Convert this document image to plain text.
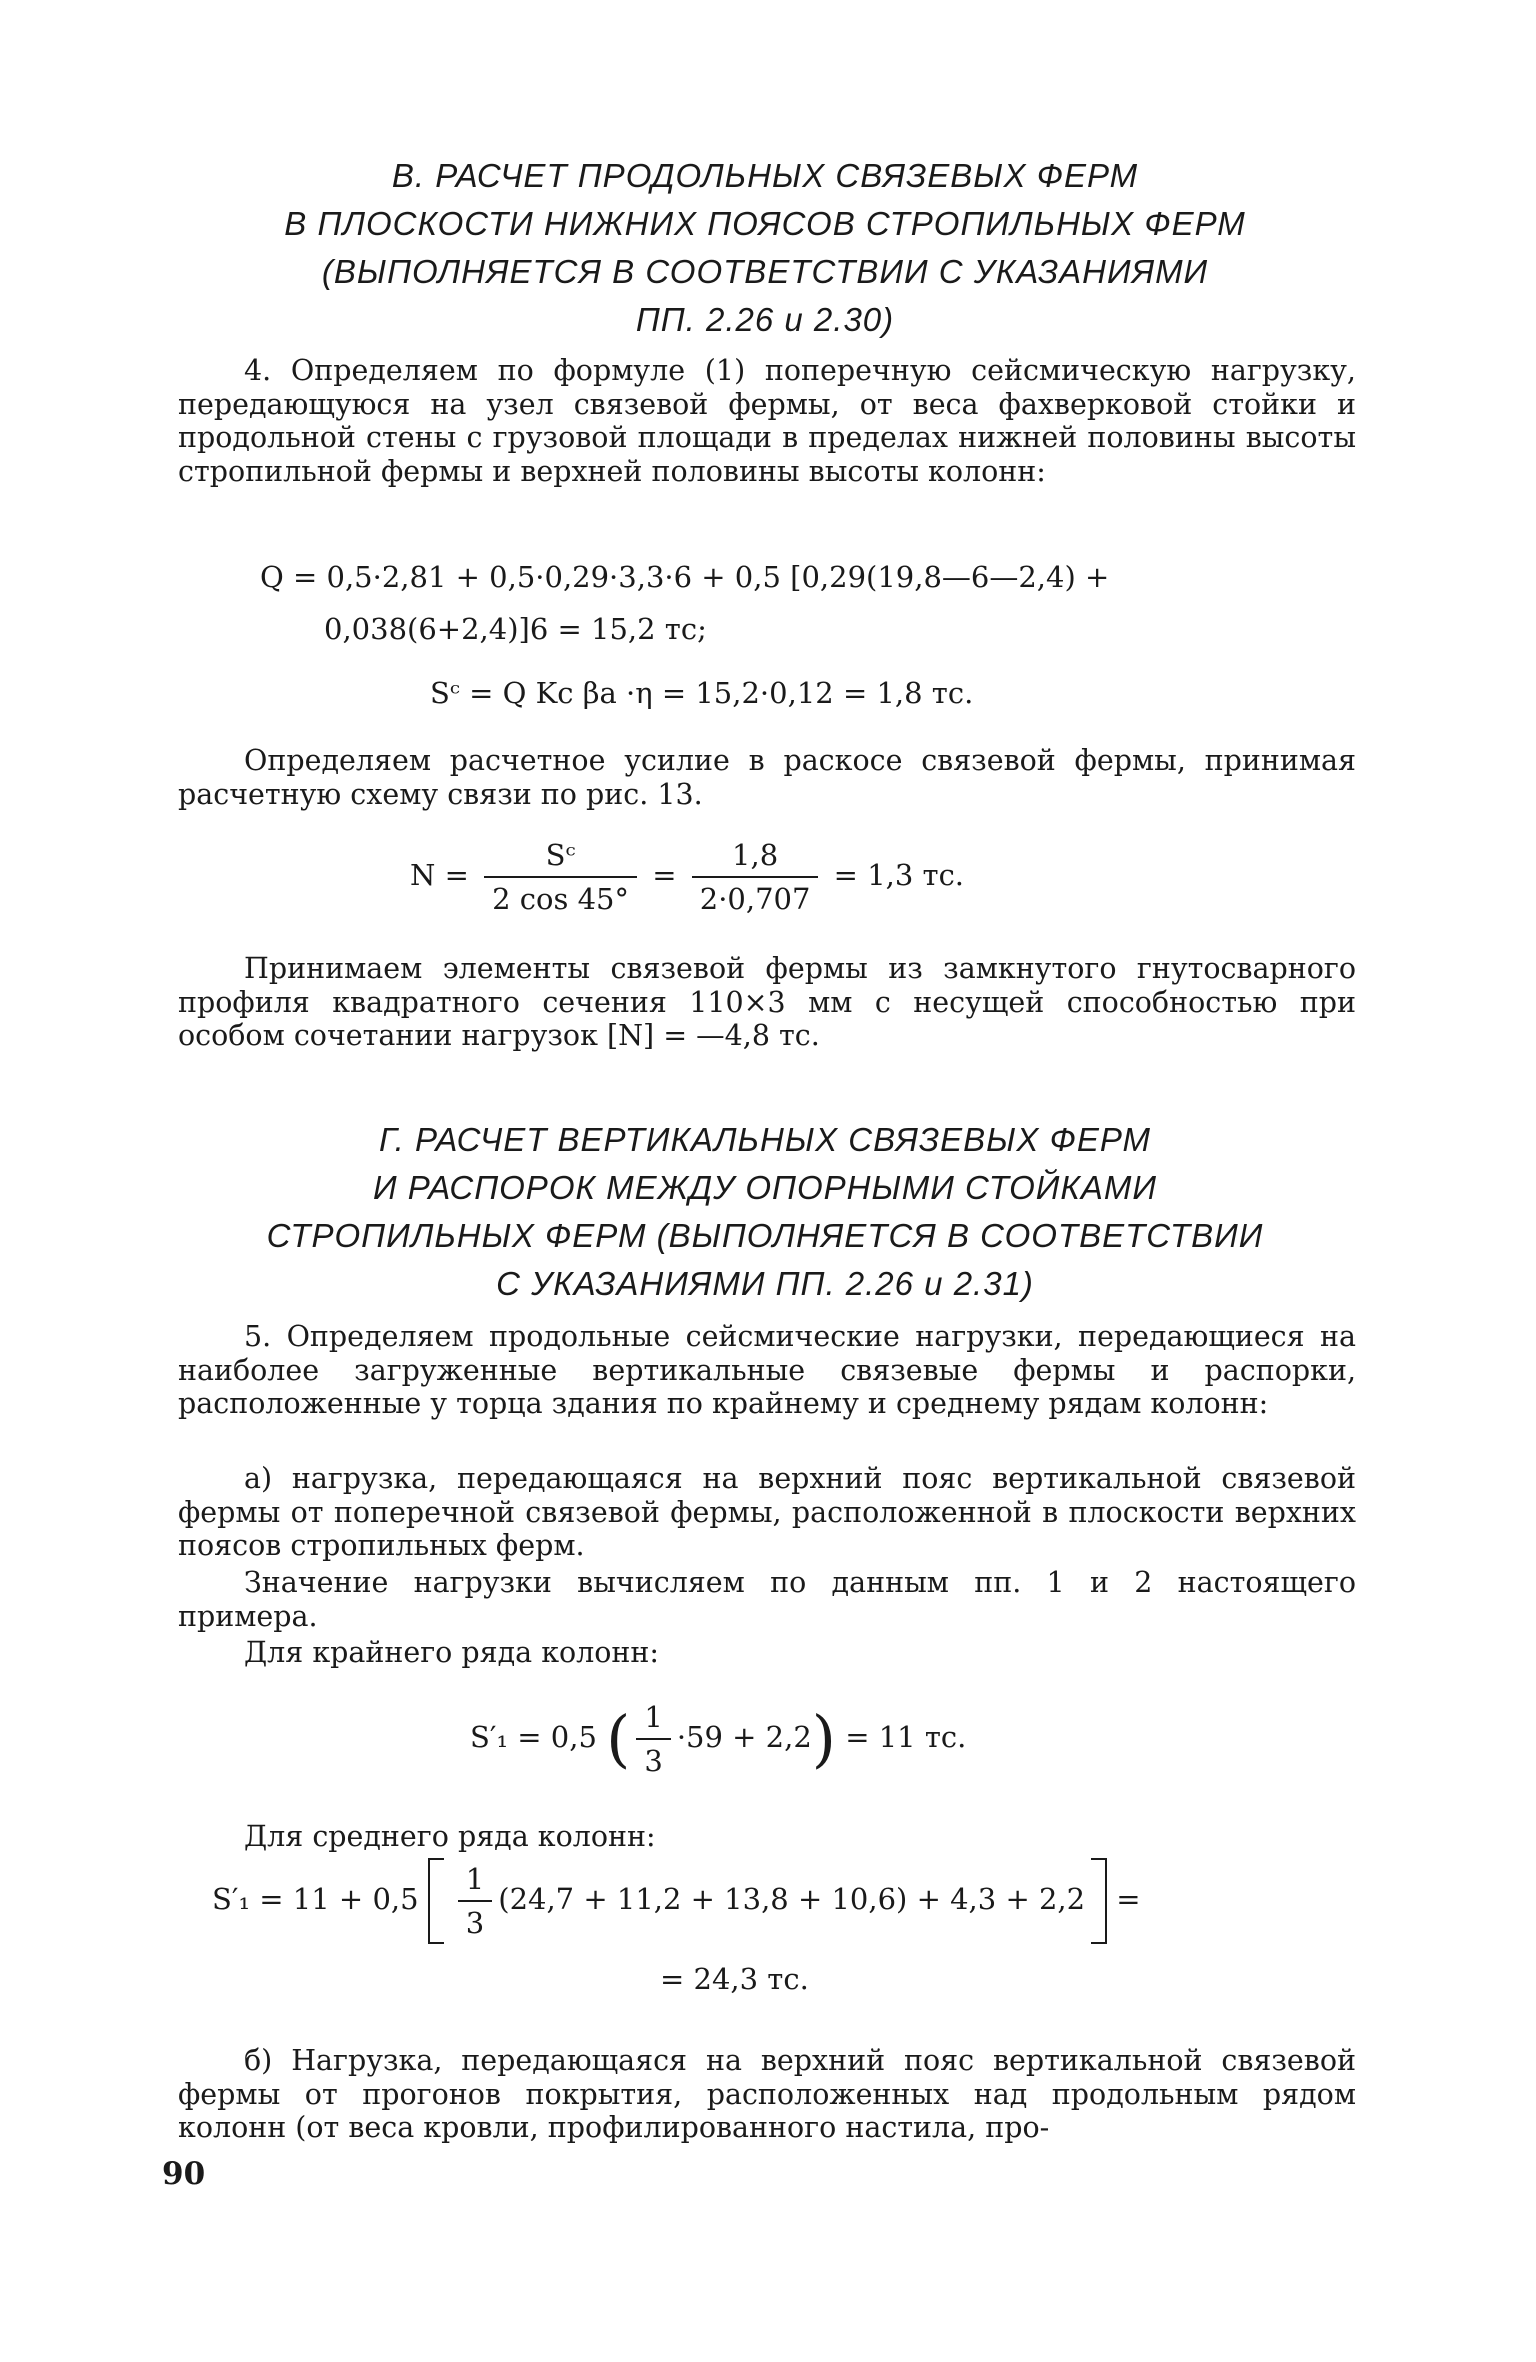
В. РАСЧЕТ ПРОДОЛЬНЫХ СВЯЗЕВЫХ ФЕРМ
В ПЛОСКОСТИ НИЖНИХ ПОЯСОВ СТРОПИЛЬНЫХ ФЕРМ
(ВЫПОЛНЯЕТСЯ В СООТВЕТСТВИИ С УКАЗАНИЯМИ
ПП. 2.26 и 2.30)
4. Определяем по формуле (1) поперечную сейсмическую нагрузку, передающуюся на узел связевой фермы, от веса фахверковой стойки и продольной стены с грузовой площади в пределах нижней половины высоты стропильной фермы и верхней половины высоты колонн:
Q = 0,5·2,81 + 0,5·0,29·3,3·6 + 0,5 [0,29(19,8—6—2,4) +
0,038(6+2,4)]6 = 15,2 тс;
Sᶜ = Q Kc βa ·η = 15,2·0,12 = 1,8 тс.
Определяем расчетное усилие в раскосе связевой фермы, принимая расчетную схему связи по рис. 13.
$N = \frac{\text{Sᶜ}}{2 \cos 45^\circ} = \frac{1,8}{2\cdot 0,707} = 1,3$ тс.
Принимаем элементы связевой фермы из замкнутого гнутосварного профиля квадратного сечения 110×3 мм с несущей способностью при особом сочетании нагрузок [N] = —4,8 тс.
Г. РАСЧЕТ ВЕРТИКАЛЬНЫХ СВЯЗЕВЫХ ФЕРМ
И РАСПОРОК МЕЖДУ ОПОРНЫМИ СТОЙКАМИ
СТРОПИЛЬНЫХ ФЕРМ (ВЫПОЛНЯЕТСЯ В СООТВЕТСТВИИ
С УКАЗАНИЯМИ ПП. 2.26 и 2.31)
5. Определяем продольные сейсмические нагрузки, передающиеся на наиболее загруженные вертикальные связевые фермы и распорки, расположенные у торца здания по крайнему и среднему рядам колонн:
а) нагрузка, передающаяся на верхний пояс вертикальной связевой фермы от поперечной связевой фермы, расположенной в плоскости верхних поясов стропильных ферм.
Значение нагрузки вычисляем по данным пп. 1 и 2 настоящего примера.
Для крайнего ряда колонн:
S′₁ = 0,5 ( $\frac{1}{3} \cdot 59 + 2,2) = 11$ тс.
Для среднего ряда колонн:
$S'_1 = 11 + 0,5 \frac{1}{3} (24,7 + 11,2 + 13,8 + 10,6) + 4,3 + 2,2$ =
= 24,3 тс.
б) Нагрузка, передающаяся на верхний пояс вертикальной связевой фермы от прогонов покрытия, расположенных над продольным рядом колонн (от веса кровли, профилированного настила, про-
90
